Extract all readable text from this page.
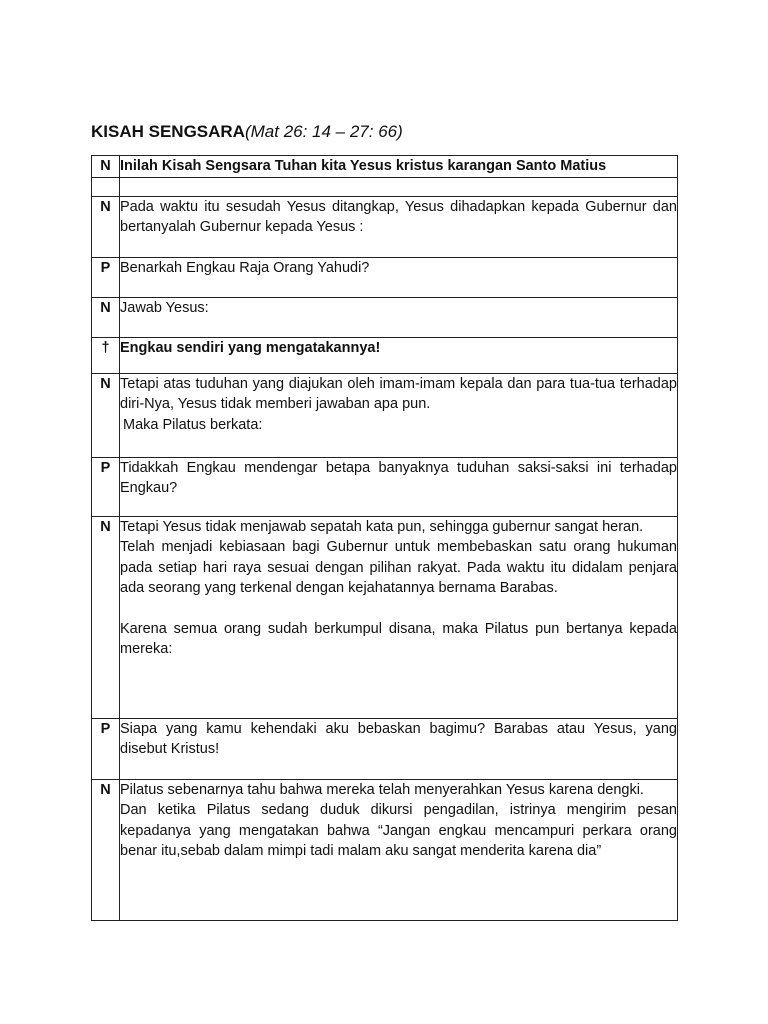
KISAH SENGSARA(Mat 26: 14 – 27: 66)
N	Inilah Kisah Sengsara Tuhan kita Yesus kristus karangan Santo Matius

N	Pada waktu itu sesudah Yesus ditangkap, Yesus dihadapkan kepada Gubernur dan bertanyalah Gubernur kepada Yesus :

P	Benarkah Engkau Raja Orang Yahudi?

N	Jawab Yesus:

†	Engkau sendiri yang mengatakannya!

N	Tetapi atas tuduhan yang diajukan oleh imam-imam kepala dan para tua-tua terhadap diri-Nya, Yesus tidak memberi jawaban apa pun.
Maka Pilatus berkata:

P	Tidakkah Engkau mendengar betapa banyaknya tuduhan saksi-saksi ini terhadap Engkau?

N	Tetapi Yesus tidak menjawab sepatah kata pun, sehingga gubernur sangat heran.
Telah menjadi kebiasaan bagi Gubernur untuk membebaskan satu orang hukuman pada setiap hari raya sesuai dengan pilihan rakyat. Pada waktu itu didalam penjara ada seorang yang terkenal dengan kejahatannya bernama Barabas.
Karena semua orang sudah berkumpul disana, maka Pilatus pun bertanya kepada mereka:

P	Siapa yang kamu kehendaki aku bebaskan bagimu? Barabas atau Yesus, yang disebut Kristus!

N	Pilatus sebenarnya tahu bahwa mereka telah menyerahkan Yesus karena dengki.
Dan ketika Pilatus sedang duduk dikursi pengadilan, istrinya mengirim pesan kepadanya yang mengatakan bahwa “Jangan engkau mencampuri perkara orang benar itu,sebab dalam mimpi tadi malam aku sangat menderita karena dia”
